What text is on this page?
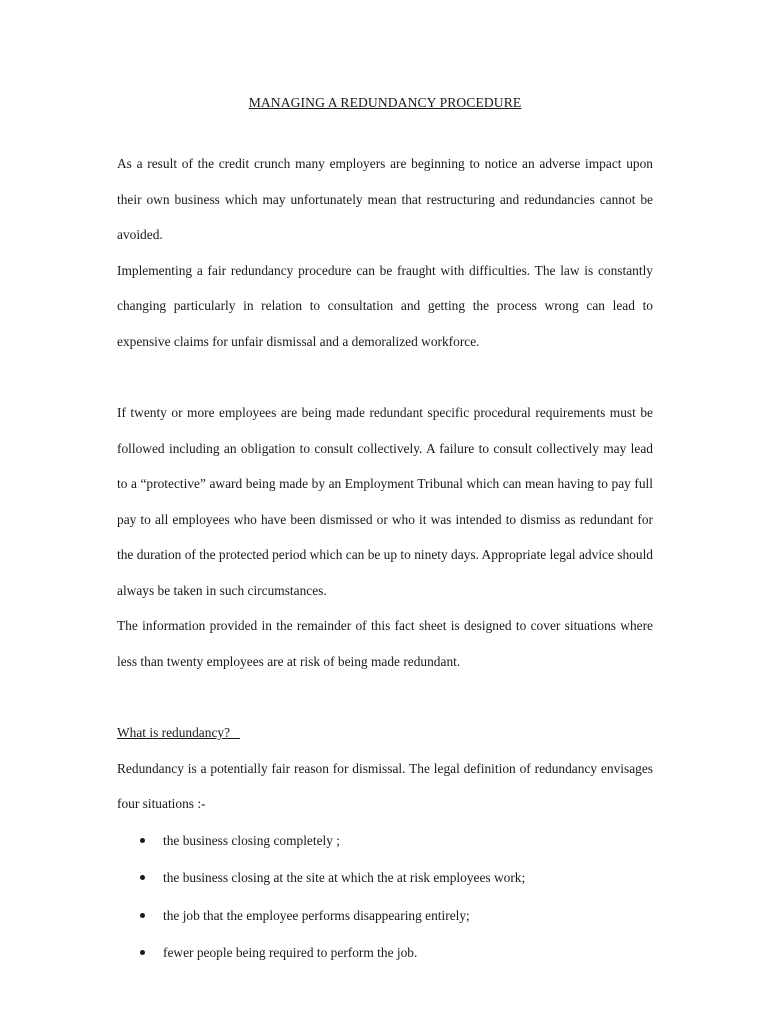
MANAGING A REDUNDANCY PROCEDURE

As a result of the credit crunch many employers are beginning to notice an adverse impact upon their own business which may unfortunately mean that restructuring and redundancies cannot be avoided.

Implementing a fair redundancy procedure can be fraught with difficulties. The law is constantly changing particularly in relation to consultation and getting the process wrong can lead to expensive claims for unfair dismissal and a demoralized workforce.

If twenty or more employees are being made redundant specific procedural requirements must be followed including an obligation to consult collectively. A failure to consult collectively may lead to a “protective” award being made by an Employment Tribunal which can mean having to pay full pay to all employees who have been dismissed or who it was intended to dismiss as redundant for the duration of the protected period which can be up to ninety days. Appropriate legal advice should always be taken in such circumstances.

The information provided in the remainder of this fact sheet is designed to cover situations where less than twenty employees are at risk of being made redundant.

What is redundancy?

Redundancy is a potentially fair reason for dismissal. The legal definition of redundancy envisages four situations :-

the business closing completely ;
the business closing at the site at which the at risk employees work;
the job that the employee performs disappearing entirely;
fewer people being required to perform the job.
